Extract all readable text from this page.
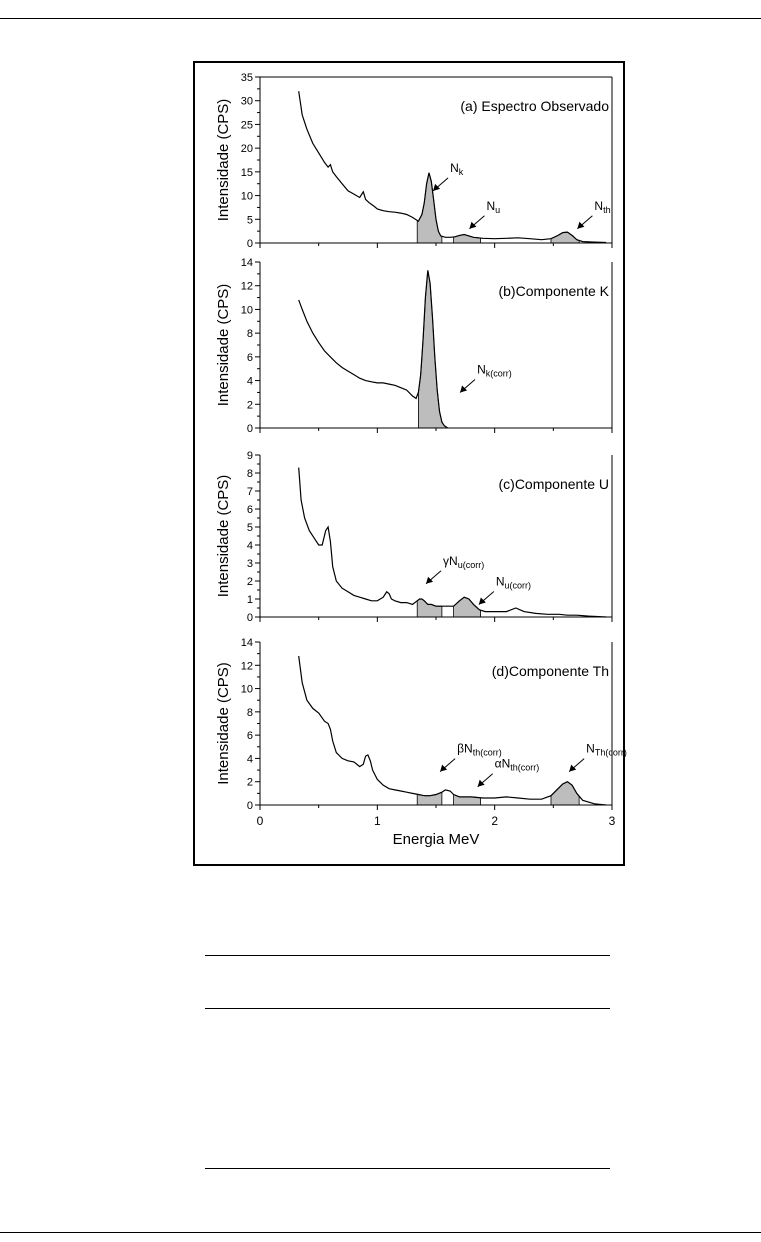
0
5
10
15
20
25
30
35
Intensidade (CPS)	(a) Espectro Observado
$N_k$
$N_u$	$N_{th}$
0
2
4
6
8
10
12
14
Intensidade (CPS)	(b)Componente K
$N_{k(corr)}$
0
1
2
3
4
5
6
7
8
9
Intensidade (CPS)	(c)Componente U
$\gamma N_{u(corr)}$
$N_{u(corr)}$
0
2
4
6
8
10
12
14
0	1	2	3
Energia MeV
Intensidade (CPS)	(d)Componente Th
$\beta N_{th(corr)}$
$\alpha N_{th(corr)}$
$N_{Th(corr)}$
